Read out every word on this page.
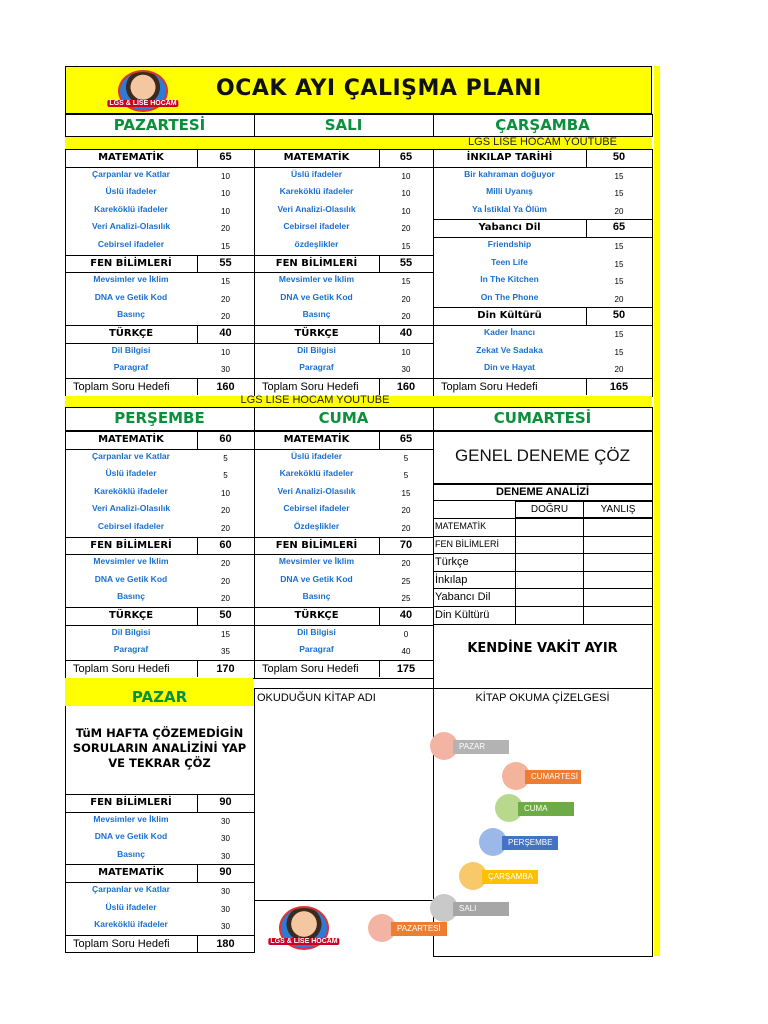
LGS & LİSE HOCAM
OCAK AYI ÇALIŞMA PLANI
PAZARTESİ	SALI	ÇARŞAMBA
LGS LISE HOCAM YOUTUBE
MATEMATİK	65
Çarpanlar ve Katlar	10
Üslü ifadeler	10
Kareköklü ifadeler	10
Veri Analizi-Olasılık	20
Cebirsel ifadeler	15
FEN BİLİMLERİ	55
Mevsimler ve İklim	15
DNA ve Getik Kod	20
Basınç	20
TÜRKÇE	40
Dil Bilgisi	10
Paragraf	30
Toplam Soru Hedefi	160
MATEMATİK	65
Üslü ifadeler	10
Kareköklü ifadeler	10
Veri Analizi-Olasılık	10
Cebirsel ifadeler	20
özdeşlikler	15
FEN BİLİMLERİ	55
Mevsimler ve İklim	15
DNA ve Getik Kod	20
Basınç	20
TÜRKÇE	40
Dil Bilgisi	10
Paragraf	30
Toplam Soru Hedefi	160
İNKILAP TARİHİ	50
Bir kahraman doğuyor	15
Milli Uyanış	15
Ya İstiklal Ya Ölüm	20
Yabancı Dil	65
Friendship	15
Teen Life	15
In The Kitchen	15
On The Phone	20
Din Kültürü	50
Kader İnancı	15
Zekat Ve Sadaka	15
Din ve Hayat	20
Toplam Soru Hedefi	165
LGS LISE HOCAM YOUTUBE
PERŞEMBE	CUMA	CUMARTESİ
MATEMATİK	60
Çarpanlar ve Katlar	5
Üslü ifadeler	5
Kareköklü ifadeler	10
Veri Analizi-Olasılık	20
Cebirsel ifadeler	20
FEN BİLİMLERİ	60
Mevsimler ve İklim	20
DNA ve Getik Kod	20
Basınç	20
TÜRKÇE	50
Dil Bilgisi	15
Paragraf	35
Toplam Soru Hedefi	170
MATEMATİK	65
Üslü ifadeler	5
Kareköklü ifadeler	5
Veri Analizi-Olasılık	15
Cebirsel ifadeler	20
Özdeşlikler	20
FEN BİLİMLERİ	70
Mevsimler ve İklim	20
DNA ve Getik Kod	25
Basınç	25
TÜRKÇE	40
Dil Bilgisi	0
Paragraf	40
Toplam Soru Hedefi	175
GENEL DENEME ÇÖZ
DENEME ANALİZİ
DOĞRU	YANLIŞ
MATEMATİK
FEN BİLİMLERİ
Türkçe
İnkılap
Yabancı Dil
Din Kültürü
KENDİNE VAKİT AYIR
PAZAR	OKUDUĞUN KİTAP ADI	KİTAP OKUMA ÇİZELGESİ
TüM HAFTA ÇÖZEMEDİGİN SORULARIN ANALİZİNİ YAP VE TEKRAR ÇÖZ
FEN BİLİMLERİ	90
Mevsimler ve İklim	30
DNA ve Getik Kod	30
Basınç	30
MATEMATİK	90
Çarpanlar ve Katlar	30
Üslü ifadeler	30
Kareköklü ifadeler	30
Toplam Soru Hedefi	180	LGS & LİSE HOCAM
PAZAR
CUMARTESİ
CUMA
PERŞEMBE
ÇARŞAMBA
SALI
PAZARTESİ
